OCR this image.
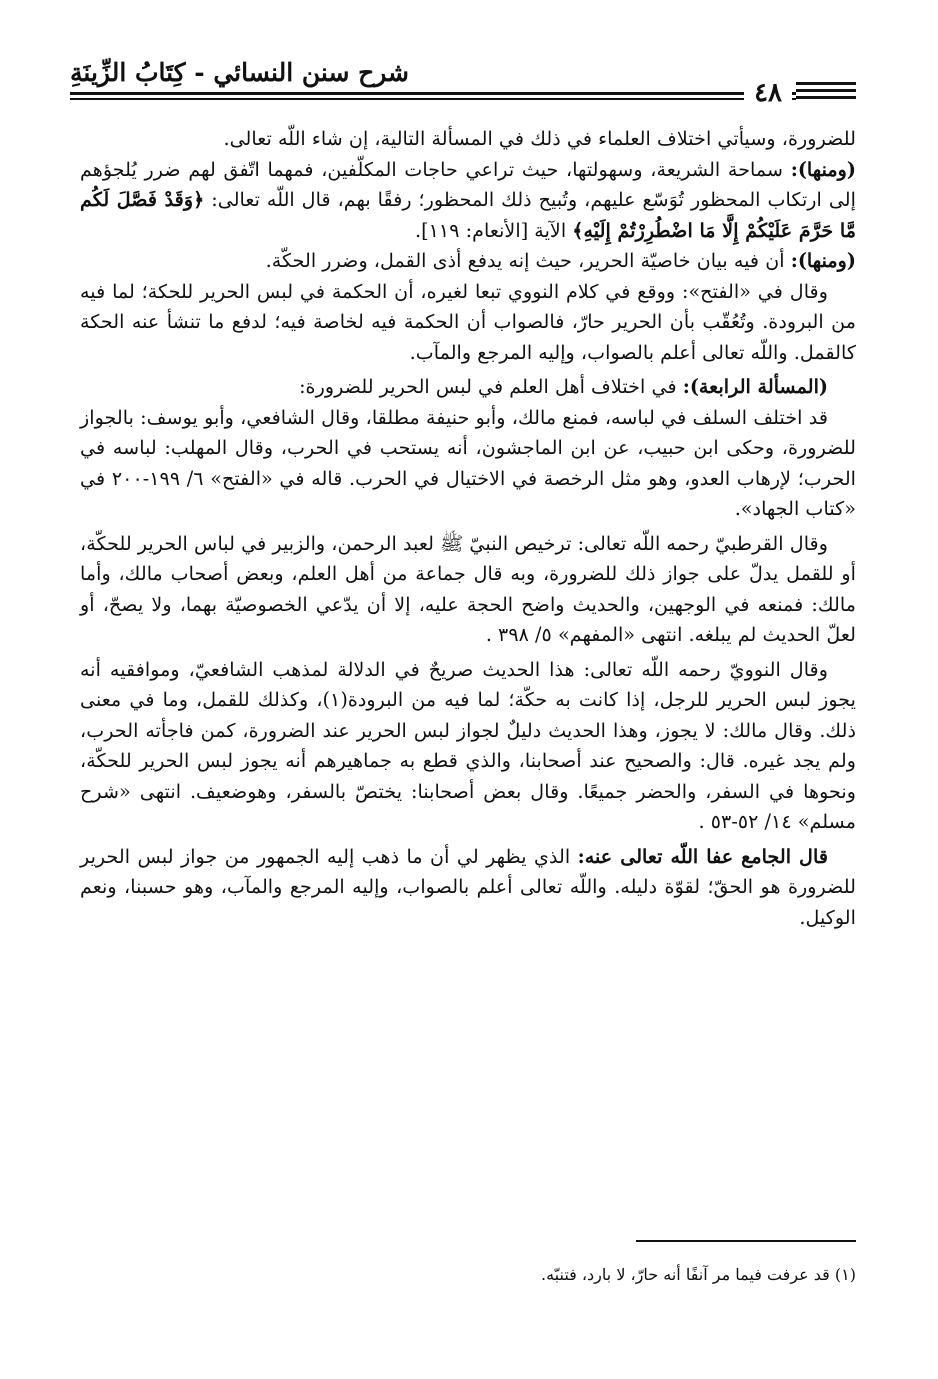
شرح سنن النسائي - كِتَابُ الزِّينَةِ
٤٨

للضرورة، وسيأتي اختلاف العلماء في ذلك في المسألة التالية، إن شاء اللّه تعالى.

(ومنها): سماحة الشريعة، وسهولتها، حيث تراعي حاجات المكلّفين، فمهما اتّفق لهم ضرر يُلجؤهم إلى ارتكاب المحظور تُوَسّع عليهم، وتُبيح ذلك المحظور؛ رفقًا بهم، قال اللّه تعالى: ﴿وَقَدْ فَصَّلَ لَكُم مَّا حَرَّمَ عَلَيْكُمْ إِلَّا مَا اضْطُرِرْتُمْ إِلَيْهِ﴾ الآية [الأنعام: ١١٩].

(ومنها): أن فيه بيان خاصيّة الحرير، حيث إنه يدفع أذى القمل، وضرر الحكّة.

وقال في «الفتح»: ووقع في كلام النووي تبعا لغيره، أن الحكمة في لبس الحرير للحكة؛ لما فيه من البرودة. وتُعُقّب بأن الحرير حارّ، فالصواب أن الحكمة فيه لخاصة فيه؛ لدفع ما تنشأ عنه الحكة كالقمل. واللّه تعالى أعلم بالصواب، وإليه المرجع والمآب.

(المسألة الرابعة): في اختلاف أهل العلم في لبس الحرير للضرورة:

قد اختلف السلف في لباسه، فمنع مالك، وأبو حنيفة مطلقا، وقال الشافعي، وأبو يوسف: بالجواز للضرورة، وحكى ابن حبيب، عن ابن الماجشون، أنه يستحب في الحرب، وقال المهلب: لباسه في الحرب؛ لإرهاب العدو، وهو مثل الرخصة في الاختيال في الحرب. قاله في «الفتح» ٦/ ١٩٩-٢٠٠ في «كتاب الجهاد».

وقال القرطبيّ رحمه اللّه تعالى: ترخيص النبيّ ﷺ لعبد الرحمن، والزبير في لباس الحرير للحكّة، أو للقمل يدلّ على جواز ذلك للضرورة، وبه قال جماعة من أهل العلم، وبعض أصحاب مالك، وأما مالك: فمنعه في الوجهين، والحديث واضح الحجة عليه، إلا أن يدّعي الخصوصيّة بهما، ولا يصحّ، أو لعلّ الحديث لم يبلغه. انتهى «المفهم» ٥/ ٣٩٨ .

وقال النوويّ رحمه اللّه تعالى: هذا الحديث صريحٌ في الدلالة لمذهب الشافعيّ، وموافقيه أنه يجوز لبس الحرير للرجل، إذا كانت به حكّة؛ لما فيه من البرودة(١)، وكذلك للقمل، وما في معنى ذلك. وقال مالك: لا يجوز، وهذا الحديث دليلٌ لجواز لبس الحرير عند الضرورة، كمن فاجأته الحرب، ولم يجد غيره. قال: والصحيح عند أصحابنا، والذي قطع به جماهيرهم أنه يجوز لبس الحرير للحكّة، ونحوها في السفر، والحضر جميعًا. وقال بعض أصحابنا: يختصّ بالسفر، وهوضعيف. انتهى «شرح مسلم» ١٤/ ٥٢-٥٣ .

قال الجامع عفا اللّه تعالى عنه: الذي يظهر لي أن ما ذهب إليه الجمهور من جواز لبس الحرير للضرورة هو الحقّ؛ لقوّة دليله. واللّه تعالى أعلم بالصواب، وإليه المرجع والمآب، وهو حسبنا، ونعم الوكيل.

(١) قد عرفت فيما مر آنفًا أنه حارّ، لا بارد، فتنبّه.
